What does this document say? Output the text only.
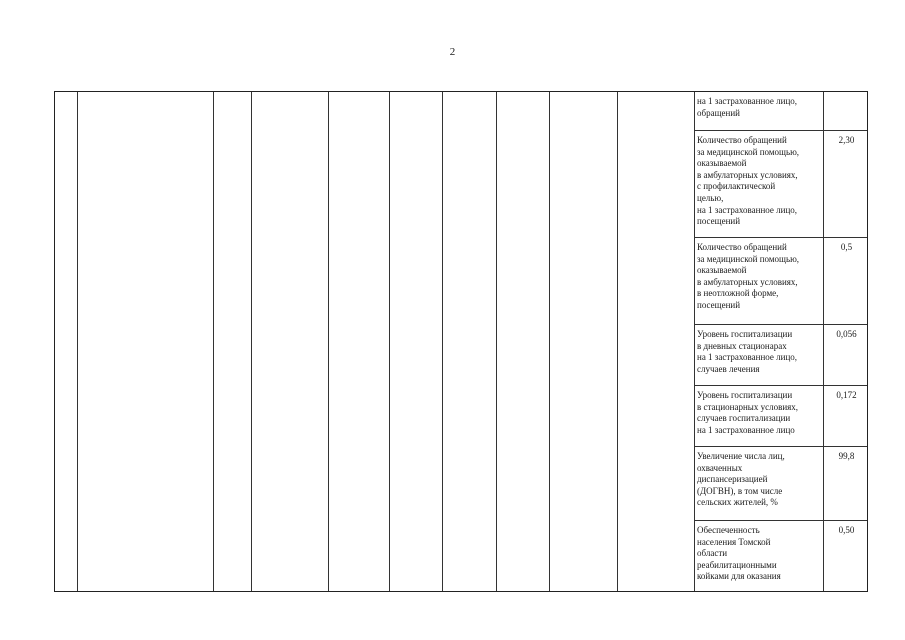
2
на 1 застрахованное лицо,
обращений
Количество обращений
за медицинской помощью,
оказываемой
в амбулаторных условиях,
с профилактической
целью,
на 1 застрахованное лицо,
посещений
2,30
Количество обращений
за медицинской помощью,
оказываемой
в амбулаторных условиях,
в неотложной форме,
посещений
0,5
Уровень госпитализации
в дневных стационарах
на 1 застрахованное лицо,
случаев лечения
0,056
Уровень госпитализации
в стационарных условиях,
случаев госпитализации
на 1 застрахованное лицо
0,172
Увеличение числа лиц,
охваченных
диспансеризацией
(ДОГВН), в том числе
сельских жителей, %
99,8
Обеспеченность
населения Томской
области
реабилитационными
койками для оказания
0,50
